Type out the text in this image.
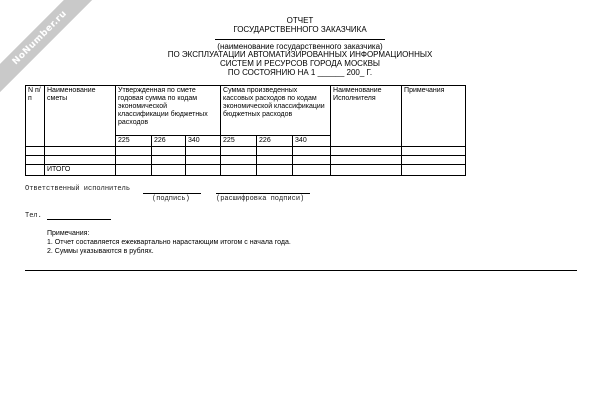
NoNumber.ru	ОТЧЕТ
ГОСУДАРСТВЕННОГО ЗАКАЗЧИКА
(наименование государственного заказчика)
ПО ЭКСПЛУАТАЦИИ АВТОМАТИЗИРОВАННЫХ ИНФОРМАЦИОННЫХ
СИСТЕМ И РЕСУРСОВ ГОРОДА МОСКВЫ
ПО СОСТОЯНИЮ НА 1 ______ 200_ Г.
N п/п	Наименование сметы	Утвержденная по смете годовая сумма по кодам экономической классификации бюджетных расходов			Сумма произведенных кассовых расходов по кодам экономической классификации бюджетных расходов			Наименование Исполнителя	Примечания
		225	226	340	225	226	340		

	ИТОГО								
Ответственный исполнитель
(подпись)	(расшифровка подписи)
Тел.
Примечания:
1. Отчет составляется ежеквартально нарастающим итогом с начала года.
2. Суммы указываются в рублях.
